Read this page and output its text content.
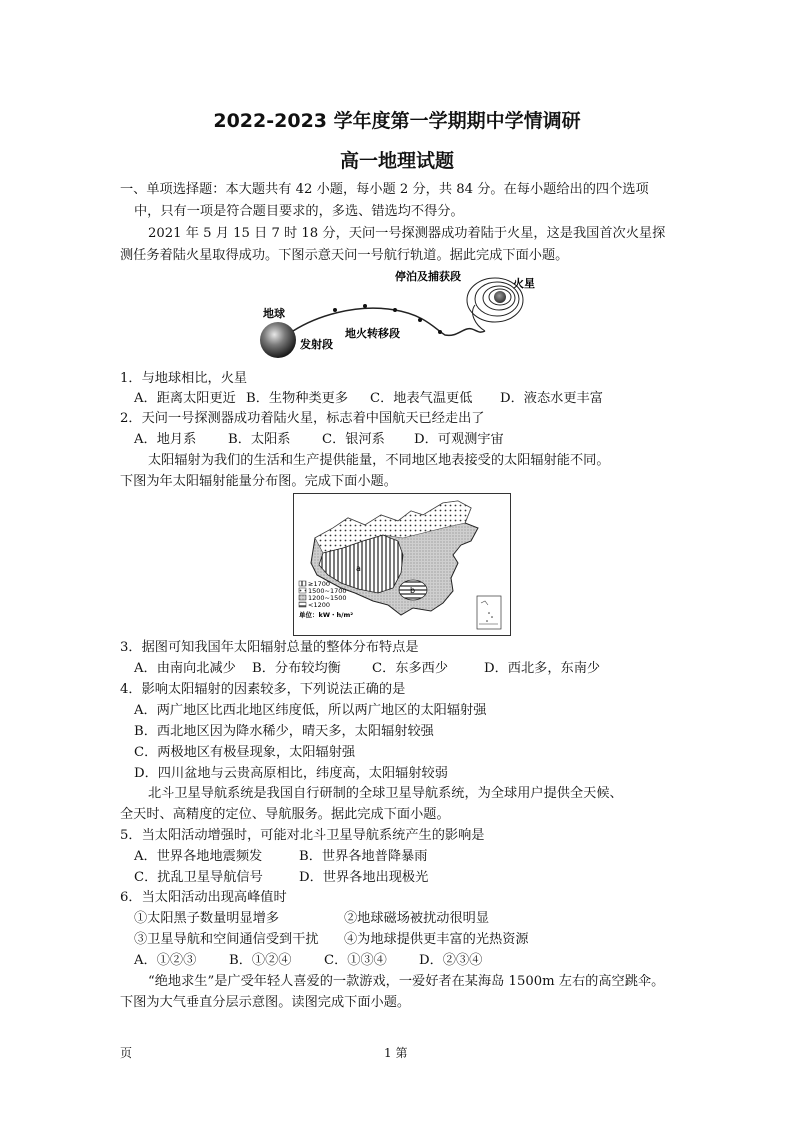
2022-2023 学年度第一学期期中学情调研
高一地理试题
一、单项选择题：本大题共有 42 小题，每小题 2 分，共 84 分。在每小题给出的四个选项
中，只有一项是符合题目要求的，多选、错选均不得分。
2021 年 5 月 15 日 7 时 18 分，天问一号探测器成功着陆于火星，这是我国首次火星探
测任务着陆火星取得成功。下图示意天问一号航行轨道。据此完成下面小题。
地球
发射段
地火转移段
停泊及捕获段
火星
1．与地球相比，火星
A．距离太阳更近 B．生物种类更多 C．地表气温更低 D．液态水更丰富
2．天问一号探测器成功着陆火星，标志着中国航天已经走出了
A．地月系 B．太阳系 C．银河系 D．可观测宇宙
太阳辐射为我们的生活和生产提供能量，不同地区地表接受的太阳辐射能不同。
下图为年太阳辐射能量分布图。完成下面小题。
≥1700
1500~1700
1200~1500
<1200
单位：kW・h/m²
a
b
3．据图可知我国年太阳辐射总量的整体分布特点是
A．由南向北减少 B．分布较均衡 C．东多西少	D．西北多，东南少
4．影响太阳辐射的因素较多，下列说法正确的是
A．两广地区比西北地区纬度低，所以两广地区的太阳辐射强
B．西北地区因为降水稀少，晴天多，太阳辐射较强
C．两极地区有极昼现象，太阳辐射强
D．四川盆地与云贵高原相比，纬度高，太阳辐射较弱
北斗卫星导航系统是我国自行研制的全球卫星导航系统，为全球用户提供全天候、
全天时、高精度的定位、导航服务。据此完成下面小题。
5．当太阳活动增强时，可能对北斗卫星导航系统产生的影响是
A．世界各地地震频发	B．世界各地普降暴雨
C．扰乱卫星导航信号	D．世界各地出现极光
6．当太阳活动出现高峰值时
①太阳黑子数量明显增多	②地球磁场被扰动很明显
③卫星导航和空间通信受到干扰 ④为地球提供更丰富的光热资源
A．①②③ B．①②④ C．①③④ D．②③④
“绝地求生”是广受年轻人喜爱的一款游戏，一爱好者在某海岛 1500m 左右的高空跳伞。
下图为大气垂直分层示意图。读图完成下面小题。
页	1 第
